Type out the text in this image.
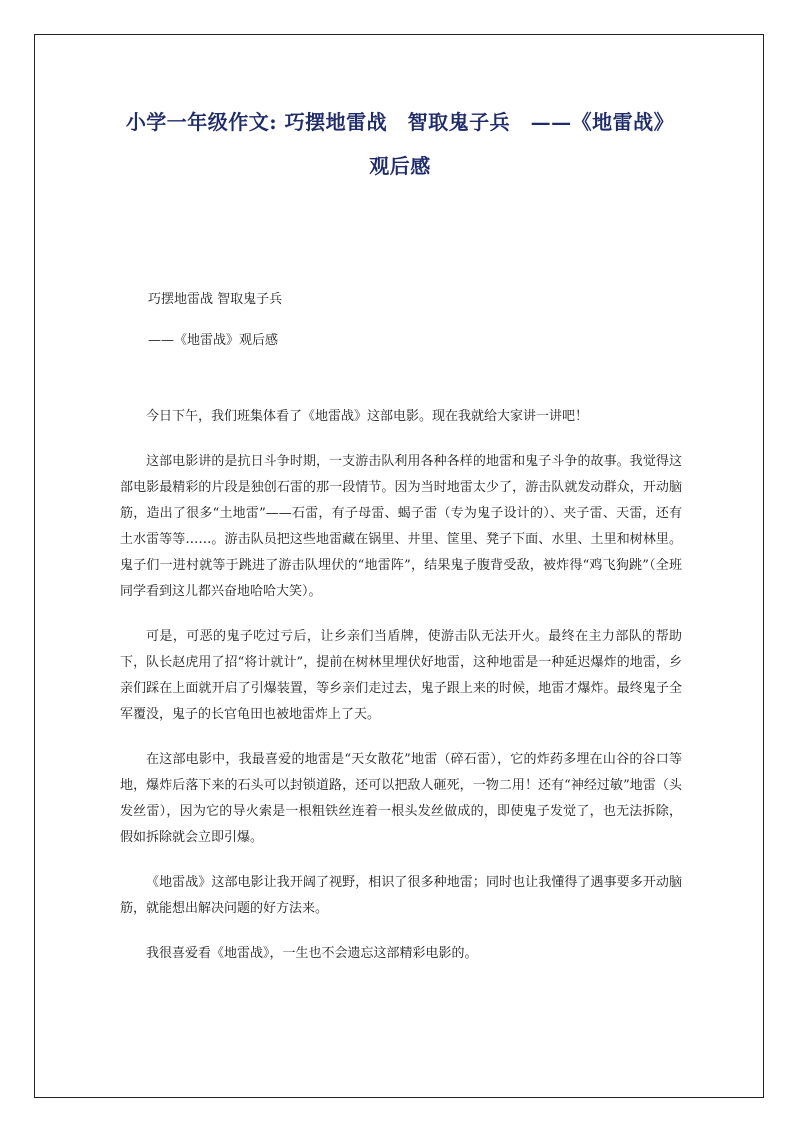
小学一年级作文: 巧摆地雷战　智取鬼子兵　——《地雷战》
观后感
巧摆地雷战 智取鬼子兵
——《地雷战》观后感

今日下午，我们班集体看了《地雷战》这部电影。现在我就给大家讲一讲吧！

这部电影讲的是抗日斗争时期，一支游击队利用各种各样的地雷和鬼子斗争的故事。我觉得这部电影最精彩的片段是独创石雷的那一段情节。因为当时地雷太少了，游击队就发动群众，开动脑筋，造出了很多“土地雷”——石雷，有子母雷、蝎子雷（专为鬼子设计的）、夹子雷、天雷，还有土水雷等等……。游击队员把这些地雷藏在锅里、井里、筐里、凳子下面、水里、土里和树林里。鬼子们一进村就等于跳进了游击队埋伏的“地雷阵”，结果鬼子腹背受敌，被炸得“鸡飞狗跳”（全班同学看到这儿都兴奋地哈哈大笑）。

可是，可恶的鬼子吃过亏后，让乡亲们当盾牌，使游击队无法开火。最终在主力部队的帮助下，队长赵虎用了招“将计就计”，提前在树林里埋伏好地雷，这种地雷是一种延迟爆炸的地雷，乡亲们踩在上面就开启了引爆装置，等乡亲们走过去，鬼子跟上来的时候，地雷才爆炸。最终鬼子全军覆没，鬼子的长官龟田也被地雷炸上了天。

在这部电影中，我最喜爱的地雷是“天女散花”地雷（碎石雷），它的炸药多埋在山谷的谷口等地，爆炸后落下来的石头可以封锁道路，还可以把敌人砸死，一物二用！还有“神经过敏”地雷（头发丝雷），因为它的导火索是一根粗铁丝连着一根头发丝做成的，即使鬼子发觉了，也无法拆除，假如拆除就会立即引爆。

《地雷战》这部电影让我开阔了视野，相识了很多种地雷；同时也让我懂得了遇事要多开动脑筋，就能想出解决问题的好方法来。

我很喜爱看《地雷战》，一生也不会遗忘这部精彩电影的。
